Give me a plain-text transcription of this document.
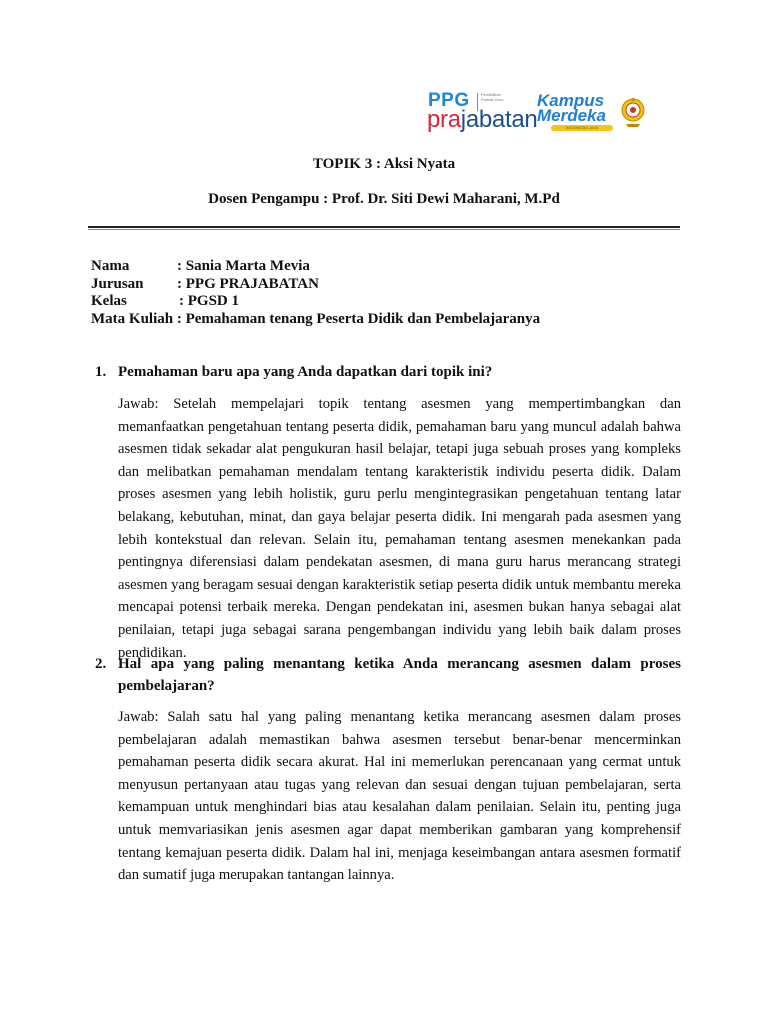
PPG	Pendidikan Profesi Guru
prajabatan
Kampus
Merdeka
INDONESIA JAYA
TOPIK 3 : Aksi Nyata
Dosen Pengampu : Prof. Dr. Siti Dewi Maharani, M.Pd
Nama	: Sania Marta Mevia
Jurusan : PPG PRAJABATAN
Kelas	: PGSD 1
Mata Kuliah : Pemahaman tenang Peserta Didik dan Pembelajaranya
1. Pemahaman baru apa yang Anda dapatkan dari topik ini?
Jawab: Setelah mempelajari topik tentang asesmen yang mempertimbangkan dan memanfaatkan pengetahuan tentang peserta didik, pemahaman baru yang muncul adalah bahwa asesmen tidak sekadar alat pengukuran hasil belajar, tetapi juga sebuah proses yang kompleks dan melibatkan pemahaman mendalam tentang karakteristik individu peserta didik. Dalam proses asesmen yang lebih holistik, guru perlu mengintegrasikan pengetahuan tentang latar belakang, kebutuhan, minat, dan gaya belajar peserta didik. Ini mengarah pada asesmen yang lebih kontekstual dan relevan. Selain itu, pemahaman tentang asesmen menekankan pada pentingnya diferensiasi dalam pendekatan asesmen, di mana guru harus merancang strategi asesmen yang beragam sesuai dengan karakteristik setiap peserta didik untuk membantu mereka mencapai potensi terbaik mereka. Dengan pendekatan ini, asesmen bukan hanya sebagai alat penilaian, tetapi juga sebagai sarana pengembangan individu yang lebih baik dalam proses pendidikan.
2. Hal apa yang paling menantang ketika Anda merancang asesmen dalam proses pembelajaran?
Jawab: Salah satu hal yang paling menantang ketika merancang asesmen dalam proses pembelajaran adalah memastikan bahwa asesmen tersebut benar-benar mencerminkan pemahaman peserta didik secara akurat. Hal ini memerlukan perencanaan yang cermat untuk menyusun pertanyaan atau tugas yang relevan dan sesuai dengan tujuan pembelajaran, serta kemampuan untuk menghindari bias atau kesalahan dalam penilaian. Selain itu, penting juga untuk memvariasikan jenis asesmen agar dapat memberikan gambaran yang komprehensif tentang kemajuan peserta didik. Dalam hal ini, menjaga keseimbangan antara asesmen formatif dan sumatif juga merupakan tantangan lainnya.
